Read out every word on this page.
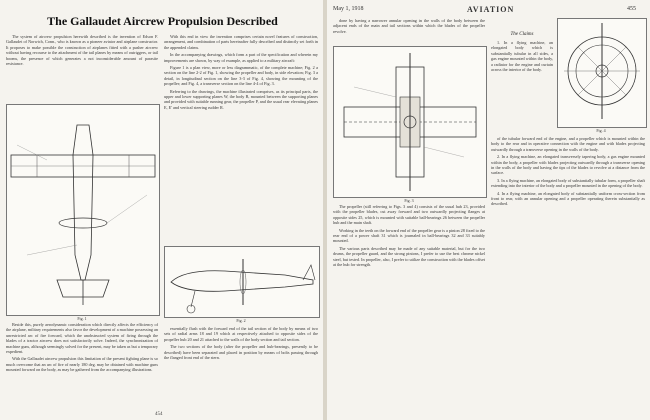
The Gallaudet Aircrew Propulsion Described

The system of aircrew propulsion herewith described is the invention of Edson F. Gallaudet of Norwich, Conn., who is known as a pioneer aviator and airplane constructor. It proposes to make possible the construction of airplanes fitted with a pusher aircrew without having recourse to the attachment of the tail planes by means of outriggers, or tail booms, the presence of which generates a not inconsiderable amount of parasite resistance.

Fig. 1

Beside this, purely aerodynamic consideration which directly affects the efficiency of the airplane, military requirements also favor the development of a machine possessing an unrestricted arc of fire forward, which the unobstructed system of firing through the blades of a tractor aircrew does not satisfactorily solve. Indeed, the synchronization of machine guns, although seemingly solved for the present, may be taken as but a temporary expedient.

With the Gallaudet aircrew propulsion this limitation of the present fighting plane is so much overcome that an arc of fire of nearly 180 deg. may be obtained with machine guns mounted forward on the body, as may be gathered from the accompanying illustrations.

With this end in view the invention comprises certain novel features of construction, arrangement, and combination of parts hereinafter fully described and distinctly set forth in the appended claims.

In the accompanying drawings, which form a part of the specification and wherein my improvements are shown, by way of example, as applied to a military aircraft:

Figure 1 is a plan view, more or less diagrammatic, of the complete machine; Fig. 2 a section on the line 2-2 of Fig. 1, showing the propeller and body, in side elevation; Fig. 3 a detail, in longitudinal section on the line 3-3 of Fig. 4, showing the mounting of the propeller; and Fig. 4, a transverse section on the line 4-4 of Fig. 3.

Referring to the drawings, the machine illustrated comprises, as its principal parts, the upper and lower supporting planes W, the body B, mounted between the supporting planes and provided with suitable running gear, the propeller P, and the usual rear elevating planes E, E' and vertical steering rudder R.

Fig. 2

essentially flush with the forward end of the tail section of the body by means of two sets of radial arms 18 and 19 which at respectively attached to opposite sides of the propeller hub 20 and 21 attached to the walls of the body section and tail section.

The two sections of the body (after the propeller and hub-bearings, presently to be described) have been separated and placed in position by means of bolts passing through the flanged front end of the stern.

454
May 1, 1918	AVIATION	455

done by having a narrower annular opening in the walls of the body between the adjacent ends of the main and tail sections within which the blades of the propeller revolve.

Fig. 3

The propeller (still referring to Figs. 3 and 4) consists of the usual hub 23, provided with the propeller blades, cut away forward and two outwardly projecting flanges at opposite sides 25, which is mounted with suitable ball-bearings 26 between the propeller hub and the main shaft.

Working in the teeth on the forward end of the propeller gear is a pinion 28 fixed to the rear end of a power shaft 31 which is journaled in ball-bearings 32 and 33 suitably mounted.

The various parts described may be made of any suitable material, but for the two drums, the propeller guard, and the strong pinions, I prefer to use the best chrome nickel steel, but tested. In propeller, also, I prefer to utilize the construction with the blades offset at the hub for strength.

Fig. 4
The Claims

1. In a flying machine, an elongated body which is substantially tubular in all sides, a gas engine mounted within the body, a radiator for the engine and curtain across the interior of the body.

of the tubular forward end of the engine, and a propeller which is mounted within the body to the rear and in operative connection with the engine and with blades projecting outwardly through a transverse opening in the walls of the body.

2. In a flying machine, an elongated transversely tapering body, a gas engine mounted within the body, a propeller with blades projecting outwardly through a transverse opening in the walls of the body and having the tips of the blades to revolve at a distance from the surface.

3. In a flying machine, an elongated body of substantially tubular form, a propeller shaft extending into the interior of the body and a propeller mounted in the opening of the body.

4. In a flying machine, an elongated body of substantially uniform cross-section from front to rear, with an annular opening and a propeller operating therein substantially as described.
